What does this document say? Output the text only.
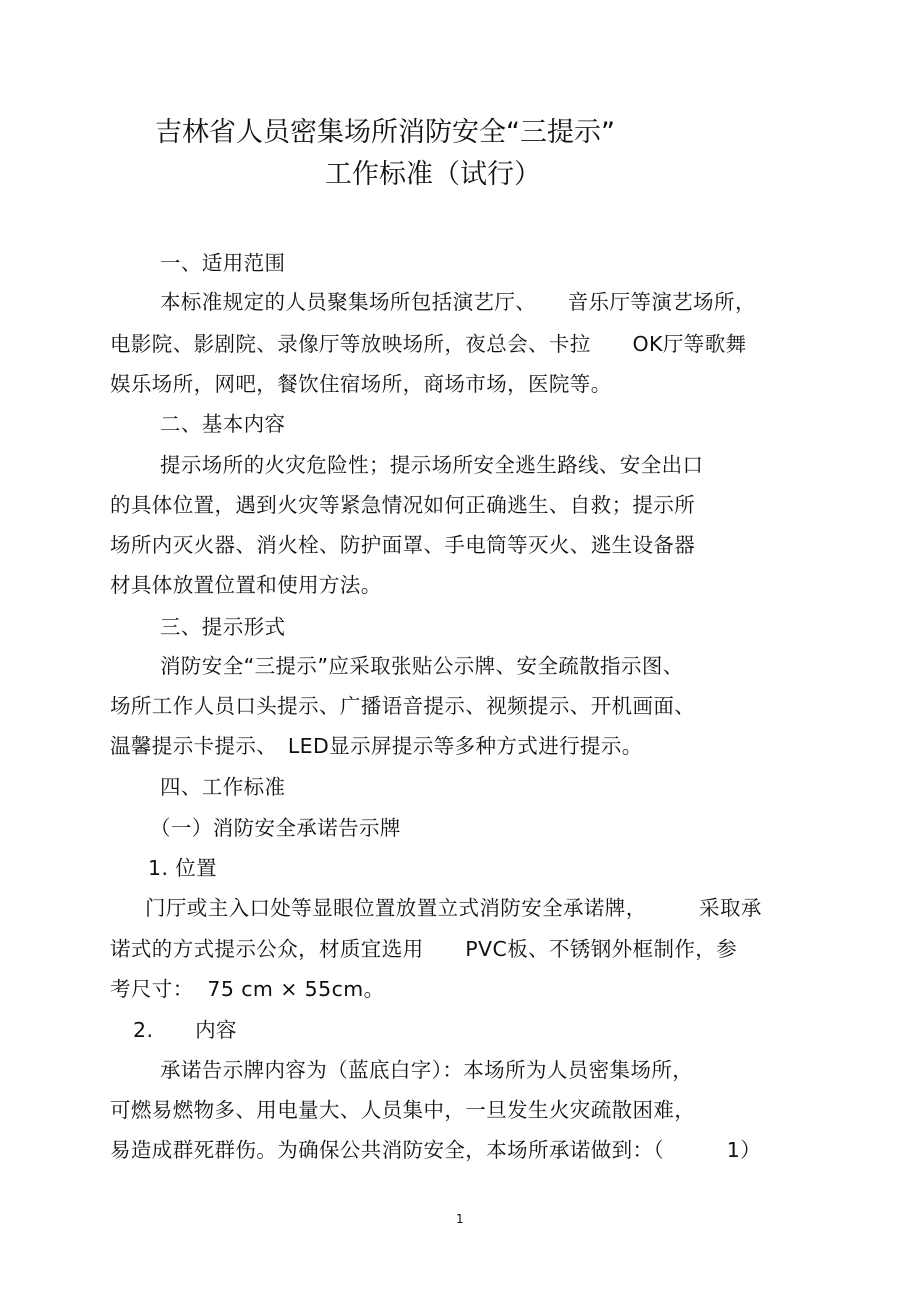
吉林省人员密集场所消防安全“三提示”
工作标准（试行）
一、适用范围
本标准规定的人员聚集场所包括演艺厅、　　音乐厅等演艺场所，
电影院、影剧院、录像厅等放映场所，夜总会、卡拉　　OK厅等歌舞
娱乐场所，网吧，餐饮住宿场所，商场市场，医院等。
二、基本内容
提示场所的火灾危险性；提示场所安全逃生路线、安全出口
的具体位置，遇到火灾等紧急情况如何正确逃生、自救；提示所
场所内灭火器、消火栓、防护面罩、手电筒等灭火、逃生设备器
材具体放置位置和使用方法。
三、提示形式
消防安全“三提示”应采取张贴公示牌、安全疏散指示图、
场所工作人员口头提示、广播语音提示、视频提示、开机画面、
温馨提示卡提示、　LED显示屏提示等多种方式进行提示。
四、工作标准
（一）消防安全承诺告示牌
1. 位置
门厅或主入口处等显眼位置放置立式消防安全承诺牌，　　　采取承
诺式的方式提示公众，材质宜选用　　PVC板、不锈钢外框制作，参
考尺寸：  75 cm × 55cm。
2.　　内容
承诺告示牌内容为（蓝底白字）：本场所为人员密集场所，
可燃易燃物多、用电量大、人员集中，一旦发生火灾疏散困难，
易造成群死群伤。为确保公共消防安全，本场所承诺做到：（　　　1）
1
